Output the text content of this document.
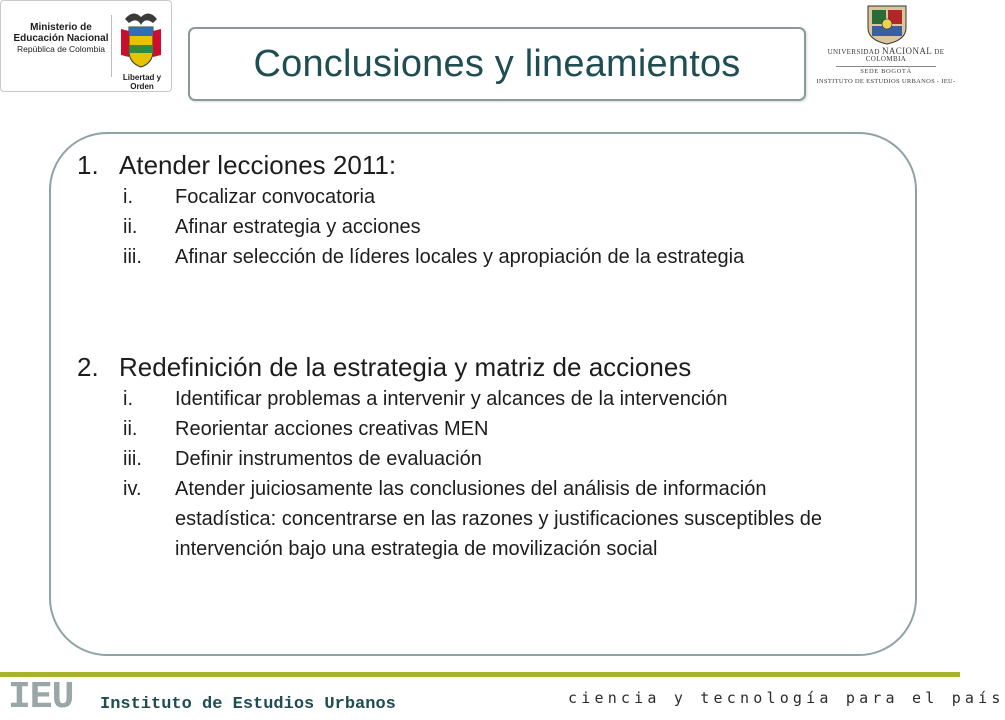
Ministerio de
Educación Nacional
República de Colombia
Libertad y Orden
Conclusiones y lineamientos	UNIVERSIDAD NACIONAL DE COLOMBIA
SEDE BOGOTÁ
INSTITUTO DE ESTUDIOS URBANOS - IEU-
1. Atender lecciones 2011:
i. Focalizar convocatoria
ii. Afinar estrategia y acciones
iii. Afinar selección de líderes locales y apropiación de la estrategia
2. Redefinición de la estrategia y matriz de acciones
i. Identificar problemas a intervenir y alcances de la intervención
ii. Reorientar acciones creativas MEN
iii. Definir instrumentos de evaluación
iv. Atender juiciosamente las conclusiones del análisis de información estadística: concentrarse en las razones y justificaciones susceptibles de intervención bajo una estrategia de movilización social
IEU Instituto de Estudios Urbanos	ciencia y tecnología para el país
